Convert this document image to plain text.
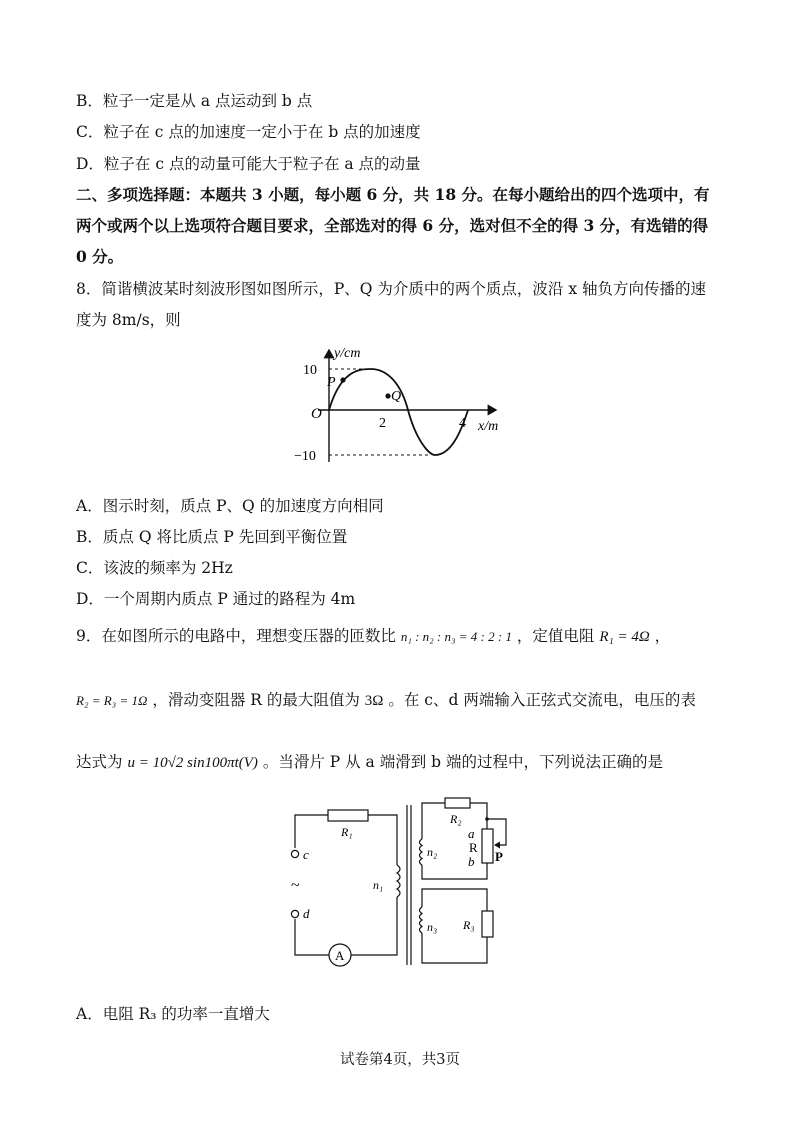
B．粒子一定是从 a 点运动到 b 点
C．粒子在 c 点的加速度一定小于在 b 点的加速度
D．粒子在 c 点的动量可能大于粒子在 a 点的动量
二、多项选择题：本题共 3 小题，每小题 6 分，共 18 分。在每小题给出的四个选项中，有
两个或两个以上选项符合题目要求，全部选对的得 6 分，选对但不全的得 3 分，有选错的得
0 分。
8．简谐横波某时刻波形图如图所示，P、Q 为介质中的两个质点，波沿 x 轴负方向传播的速
度为 8m/s，则
y/cm
10
−10
O
P
Q
2	4 x/m
A．图示时刻，质点 P、Q 的加速度方向相同
B．质点 Q 将比质点 P 先回到平衡位置
C．该波的频率为 2Hz
D．一个周期内质点 P 通过的路程为 4m
9．在如图所示的电路中，理想变压器的匝数比 n₁ : n₂ : n₃ = 4 : 2 : 1 ，定值电阻 R₁ = 4Ω ，
R₂ = R₃ = 1Ω ，滑动变阻器 R 的最大阻值为 3Ω 。在 c、d 两端输入正弦式交流电，电压的表
达式为 u = 10√2 sin100πt(V) 。当滑片 P 从 a 端滑到 b 端的过程中，下列说法正确的是
R₁
R₂
R₃
a
R
b P
c
d
~	n₁
n₂
n₃
A
A．电阻 R₃ 的功率一直增大
试卷第4页，共3页
